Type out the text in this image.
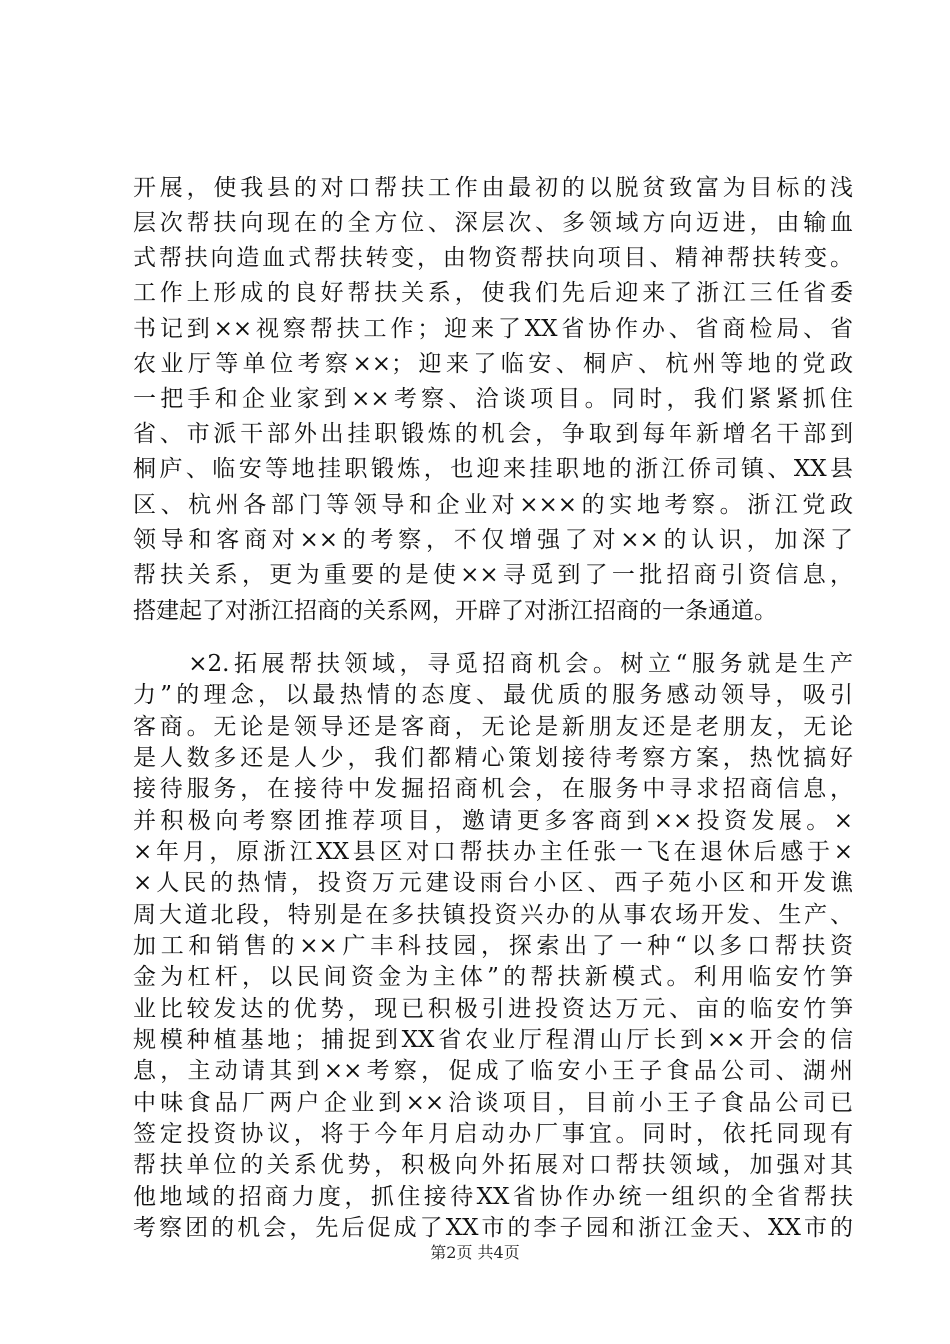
开展，使我县的对口帮扶工作由最初的以脱贫致富为目标的浅
层次帮扶向现在的全方位、深层次、多领域方向迈进，由输血
式帮扶向造血式帮扶转变，由物资帮扶向项目、精神帮扶转变。
工作上形成的良好帮扶关系，使我们先后迎来了浙江三任省委
书记到××视察帮扶工作；迎来了XX省协作办、省商检局、省
农业厅等单位考察××；迎来了临安、桐庐、杭州等地的党政
一把手和企业家到××考察、洽谈项目。同时，我们紧紧抓住
省、市派干部外出挂职锻炼的机会，争取到每年新增名干部到
桐庐、临安等地挂职锻炼，也迎来挂职地的浙江侨司镇、XX县
区、杭州各部门等领导和企业对×××的实地考察。浙江党政
领导和客商对××的考察，不仅增强了对××的认识，加深了
帮扶关系，更为重要的是使××寻觅到了一批招商引资信息，
搭建起了对浙江招商的关系网，开辟了对浙江招商的一条通道。
　　×2.拓展帮扶领域，寻觅招商机会。树立“服务就是生产
力”的理念，以最热情的态度、最优质的服务感动领导，吸引
客商。无论是领导还是客商，无论是新朋友还是老朋友，无论
是人数多还是人少，我们都精心策划接待考察方案，热忱搞好
接待服务，在接待中发掘招商机会，在服务中寻求招商信息，
并积极向考察团推荐项目，邀请更多客商到××投资发展。×
×年月，原浙江XX县区对口帮扶办主任张一飞在退休后感于×
×人民的热情，投资万元建设雨台小区、西子苑小区和开发谯
周大道北段，特别是在多扶镇投资兴办的从事农场开发、生产、
加工和销售的××广丰科技园，探索出了一种“以多口帮扶资
金为杠杆，以民间资金为主体”的帮扶新模式。利用临安竹笋
业比较发达的优势，现已积极引进投资达万元、亩的临安竹笋
规模种植基地；捕捉到XX省农业厅程渭山厅长到××开会的信
息，主动请其到××考察，促成了临安小王子食品公司、湖州
中味食品厂两户企业到××洽谈项目，目前小王子食品公司已
签定投资协议，将于今年月启动办厂事宜。同时，依托同现有
帮扶单位的关系优势，积极向外拓展对口帮扶领域，加强对其
他地域的招商力度，抓住接待XX省协作办统一组织的全省帮扶
考察团的机会，先后促成了XX市的李子园和浙江金天、XX市的
第2页 共4页
